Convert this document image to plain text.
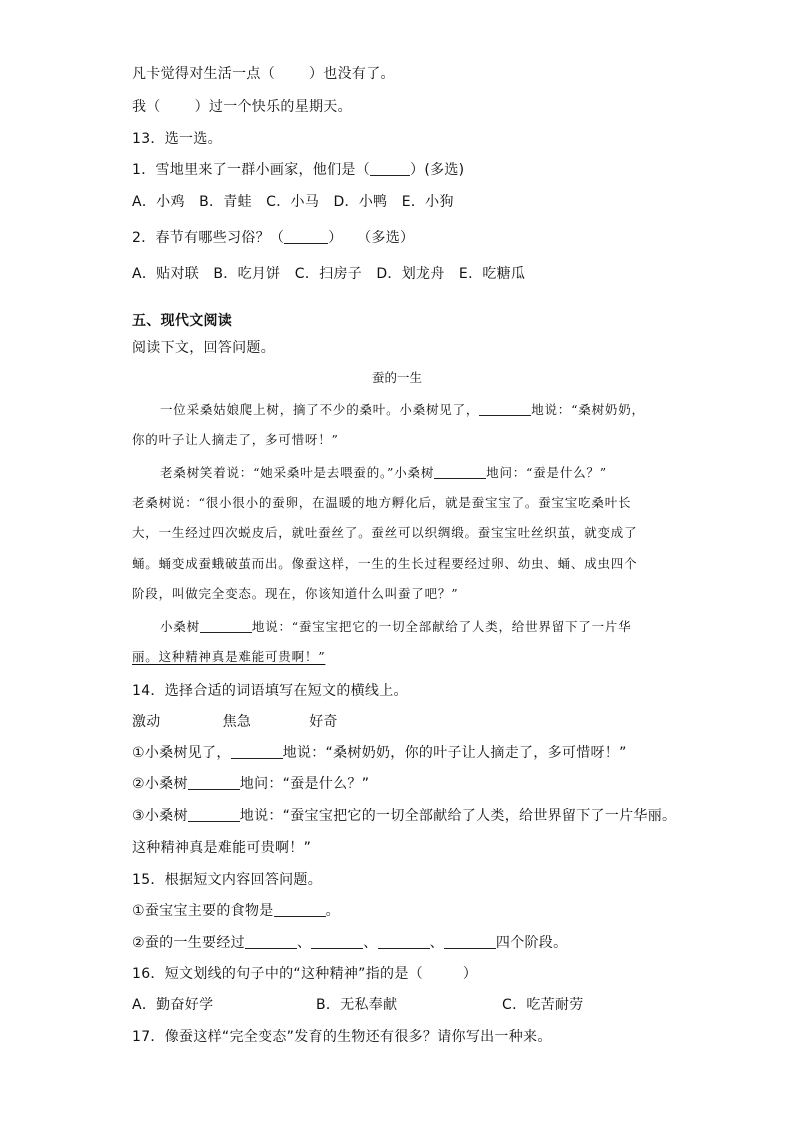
凡卡觉得对生活一点（ ）也没有了。
我（ ）过一个快乐的星期天。
13．选一选。
1．雪地里来了一群小画家，他们是（	）(多选)
A．小鸡　B．青蛙　C．小马　D．小鸭　E．小狗
2．春节有哪些习俗？（	）　　（多选）
A．贴对联　B．吃月饼　C．扫房子　D．划龙舟　E．吃糖瓜
五、现代文阅读
阅读下文，回答问题。
蚕的一生
一位采桑姑娘爬上树，摘了不少的桑叶。小桑树见了，	地说：“桑树奶奶，
你的叶子让人摘走了，多可惜呀！”
老桑树笑着说：“她采桑叶是去喂蚕的。”小桑树	地问：“蚕是什么？”
老桑树说：“很小很小的蚕卵，在温暖的地方孵化后，就是蚕宝宝了。蚕宝宝吃桑叶长
大，一生经过四次蜕皮后，就吐蚕丝了。蚕丝可以织绸缎。蚕宝宝吐丝织茧，就变成了
蛹。蛹变成蚕蛾破茧而出。像蚕这样，一生的生长过程要经过卵、幼虫、蛹、成虫四个
阶段，叫做完全变态。现在，你该知道什么叫蚕了吧？”
小桑树	地说：“蚕宝宝把它的一切全部献给了人类，给世界留下了一片华
丽。这种精神真是难能可贵啊！”
14．选择合适的词语填写在短文的横线上。
激动	焦急	好奇
①小桑树见了，	地说：“桑树奶奶，你的叶子让人摘走了，多可惜呀！”
②小桑树	地问：“蚕是什么？”
③小桑树	地说：“蚕宝宝把它的一切全部献给了人类，给世界留下了一片华丽。
这种精神真是难能可贵啊！”
15．根据短文内容回答问题。
①蚕宝宝主要的食物是	。
②蚕的一生要经过	、	、	、	四个阶段。
16．短文划线的句子中的“这种精神”指的是（	）
A．勤奋好学	B．无私奉献	C．吃苦耐劳
17．像蚕这样“完全变态”发育的生物还有很多？请你写出一种来。
